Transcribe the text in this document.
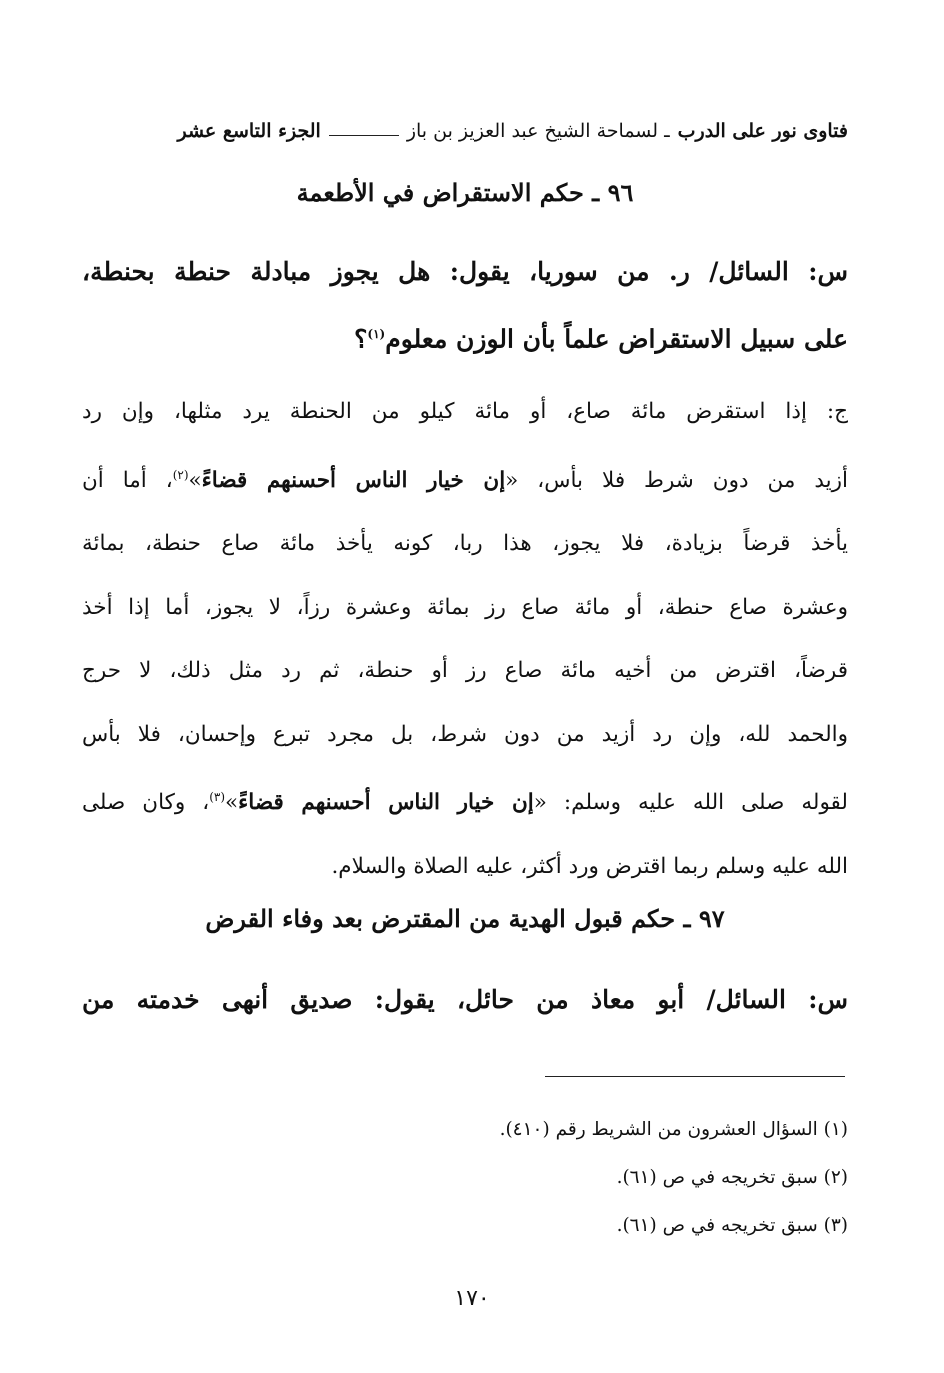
فتاوى نور على الدرب
ـ لسماحة الشيخ عبد العزيز بن باز
الجزء التاسع عشر
٩٦ ـ حكم الاستقراض في الأطعمة
س: السائل/ ر. من سوريا، يقول: هل يجوز مبادلة حنطة بحنطة،
على سبيل الاستقراض علماً بأن الوزن معلوم$^{(١)}$؟
ج: إذا استقرض مائة صاع، أو مائة كيلو من الحنطة يرد مثلها، وإن رد
أزيد من دون شرط فلا بأس، «إن خيار الناس أحسنهم قضاءً»$^{(٢)}$، أما أن
يأخذ قرضاً بزيادة، فلا يجوز، هذا ربا، كونه يأخذ مائة صاع حنطة، بمائة
وعشرة صاع حنطة، أو مائة صاع رز بمائة وعشرة رزاً، لا يجوز، أما إذا أخذ
قرضاً، اقترض من أخيه مائة صاع رز أو حنطة، ثم رد مثل ذلك، لا حرج
والحمد لله، وإن رد أزيد من دون شرط، بل مجرد تبرع وإحسان، فلا بأس
لقوله صلى الله عليه وسلم: «إن خيار الناس أحسنهم قضاءً»$^{(٣)}$، وكان صلى
الله عليه وسلم ربما اقترض ورد أكثر، عليه الصلاة والسلام.
٩٧ ـ حكم قبول الهدية من المقترض بعد وفاء القرض
س: السائل/ أبو معاذ من حائل، يقول: صديق أنهى خدمته من
(١) السؤال العشرون من الشريط رقم (٤١٠).
(٢) سبق تخريجه في ص (٦١).
(٣) سبق تخريجه في ص (٦١).
١٧٠
